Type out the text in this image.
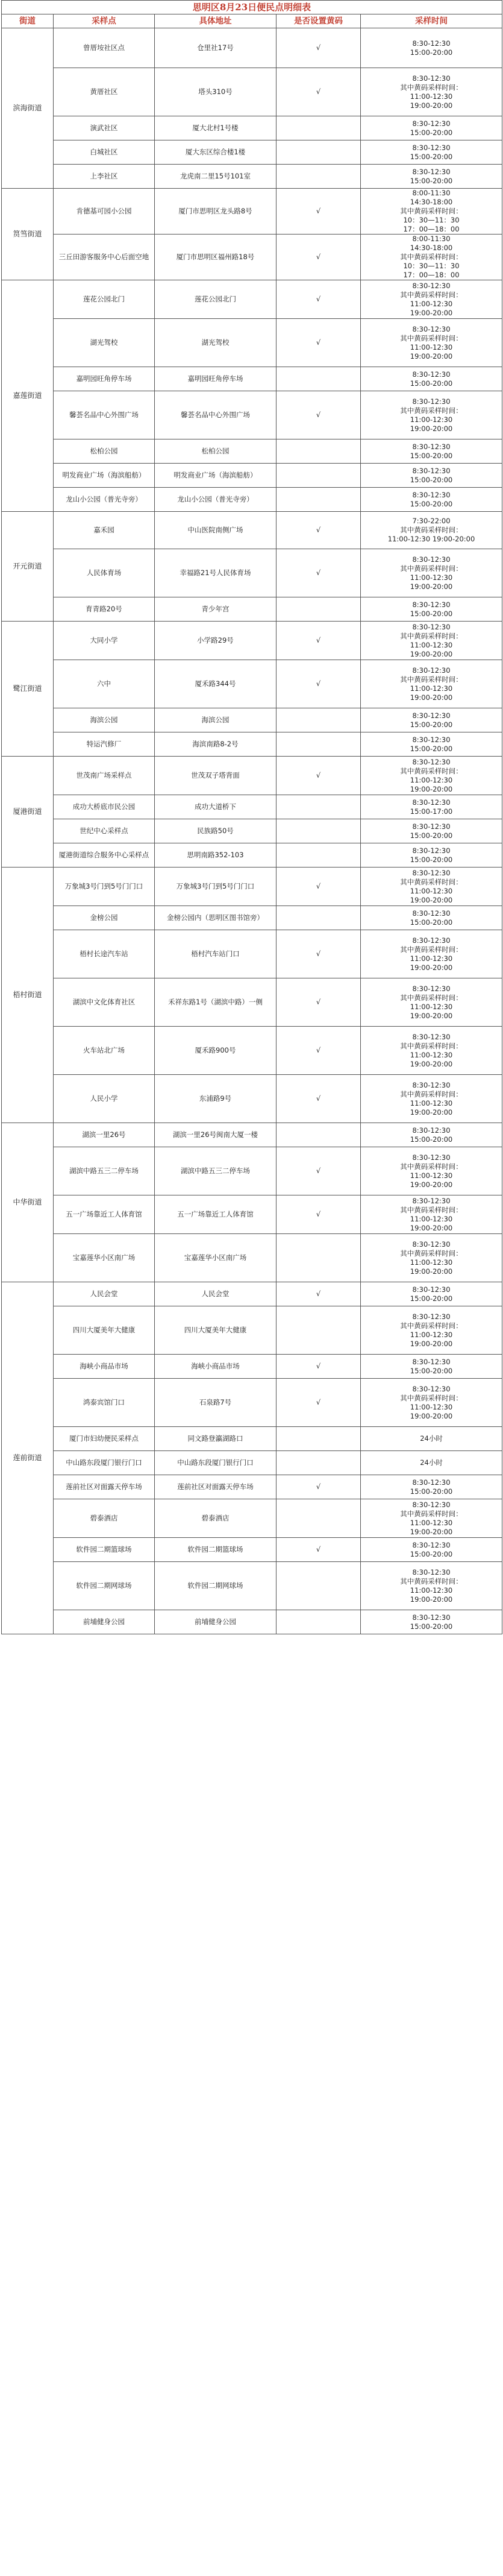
思明区8月23日便民点明细表				
街道	采样点	具体地址	是否设置黄码	采样时间
滨海街道	曾厝垵社区点	仓里社17号	√	8:30-12:30
15:00-20:00
	黄厝社区	塔头310号	√	8:30-12:30
其中黄码采样时间：
11:00-12:30
19:00-20:00
	演武社区	厦大北村1号楼		8:30-12:30
15:00-20:00
	白城社区	厦大东区综合楼1楼		8:30-12:30
15:00-20:00
	上李社区	龙虎南二里15号101室		8:30-12:30
15:00-20:00
筼筜街道	肯德基可园小公园	厦门市思明区龙头路8号	√	8:00-11:30
14:30-18:00
其中黄码采样时间：
10：30—11：30
17：00—18：00
	三丘田游客服务中心后面空地	厦门市思明区福州路18号	√	8:00-11:30
14:30-18:00
其中黄码采样时间：
10：30—11：30
17：00—18：00
嘉莲街道	莲花公园北门	莲花公园北门	√	8:30-12:30
其中黄码采样时间：
11:00-12:30
19:00-20:00
	湖光驾校	湖光驾校	√	8:30-12:30
其中黄码采样时间：
11:00-12:30
19:00-20:00
	嘉明园旺角停车场	嘉明园旺角停车场		8:30-12:30
15:00-20:00
	馨荟名品中心外围广场	馨荟名品中心外围广场	√	8:30-12:30
其中黄码采样时间：
11:00-12:30
19:00-20:00
	松柏公园	松柏公园		8:30-12:30
15:00-20:00
	明发商业广场（海滨船舫）	明发商业广场（海滨船舫）		8:30-12:30
15:00-20:00
	龙山小公园（普光寺旁）	龙山小公园（普光寺旁）		8:30-12:30
15:00-20:00
开元街道	嘉禾园	中山医院南侧广场	√	7:30-22:00
其中黄码采样时间：
11:00-12:30 19:00-20:00
	人民体育场	幸福路21号人民体育场	√	8:30-12:30
其中黄码采样时间：
11:00-12:30
19:00-20:00
	育青路20号	青少年宫		8:30-12:30
15:00-20:00
鹭江街道	大同小学	小学路29号	√	8:30-12:30
其中黄码采样时间：
11:00-12:30
19:00-20:00
	六中	厦禾路344号	√	8:30-12:30
其中黄码采样时间：
11:00-12:30
19:00-20:00
	海滨公园	海滨公园		8:30-12:30
15:00-20:00
	特运汽修厂	海滨南路8-2号		8:30-12:30
15:00-20:00
厦港街道	世茂南广场采样点	世茂双子塔背面	√	8:30-12:30
其中黄码采样时间：
11:00-12:30
19:00-20:00
	成功大桥底市民公园	成功大道桥下		8:30-12:30
15:00-17:00
	世纪中心采样点	民族路50号		8:30-12:30
15:00-20:00
	厦港街道综合服务中心采样点	思明南路352-103		8:30-12:30
15:00-20:00
梧村街道	万象城3号门到5号门门口	万象城3号门到5号门门口	√	8:30-12:30
其中黄码采样时间：
11:00-12:30
19:00-20:00
	金榜公园	金榜公园内（思明区图书馆旁）		8:30-12:30
15:00-20:00
	梧村长途汽车站	梧村汽车站门口	√	8:30-12:30
其中黄码采样时间：
11:00-12:30
19:00-20:00
	湖滨中文化体育社区	禾祥东路1号（湖滨中路）一侧	√	8:30-12:30
其中黄码采样时间：
11:00-12:30
19:00-20:00
	火车站北广场	厦禾路900号	√	8:30-12:30
其中黄码采样时间：
11:00-12:30
19:00-20:00
	人民小学	东浦路9号	√	8:30-12:30
其中黄码采样时间：
11:00-12:30
19:00-20:00
中华街道	湖滨一里26号	湖滨一里26号闽南大厦一楼		8:30-12:30
15:00-20:00
	湖滨中路五三二停车场	湖滨中路五三二停车场	√	8:30-12:30
其中黄码采样时间：
11:00-12:30
19:00-20:00
	五一广场靠近工人体育馆	五一广场靠近工人体育馆	√	8:30-12:30
其中黄码采样时间：
11:00-12:30
19:00-20:00
	宝嘉莲华小区南广场	宝嘉莲华小区南广场		8:30-12:30
其中黄码采样时间：
11:00-12:30
19:00-20:00
莲前街道	人民会堂	人民会堂	√	8:30-12:30
15:00-20:00
	四川大厦美年大健康	四川大厦美年大健康		8:30-12:30
其中黄码采样时间：
11:00-12:30
19:00-20:00
	海峡小商品市场	海峡小商品市场	√	8:30-12:30
15:00-20:00
	鸿泰宾馆门口	石泉路7号	√	8:30-12:30
其中黄码采样时间：
11:00-12:30
19:00-20:00
	厦门市妇幼便民采样点	同文路登瀛湖路口		24小时
	中山路东段厦门银行门口	中山路东段厦门银行门口		24小时
	莲前社区对面露天停车场	莲前社区对面露天停车场	√	8:30-12:30
15:00-20:00
	碧泰酒店	碧泰酒店		8:30-12:30
其中黄码采样时间：
11:00-12:30
19:00-20:00
	软件园二期篮球场	软件园二期篮球场	√	8:30-12:30
15:00-20:00
	软件园二期网球场	软件园二期网球场		8:30-12:30
其中黄码采样时间：
11:00-12:30
19:00-20:00
	前埔健身公园	前埔健身公园		8:30-12:30
15:00-20:00
